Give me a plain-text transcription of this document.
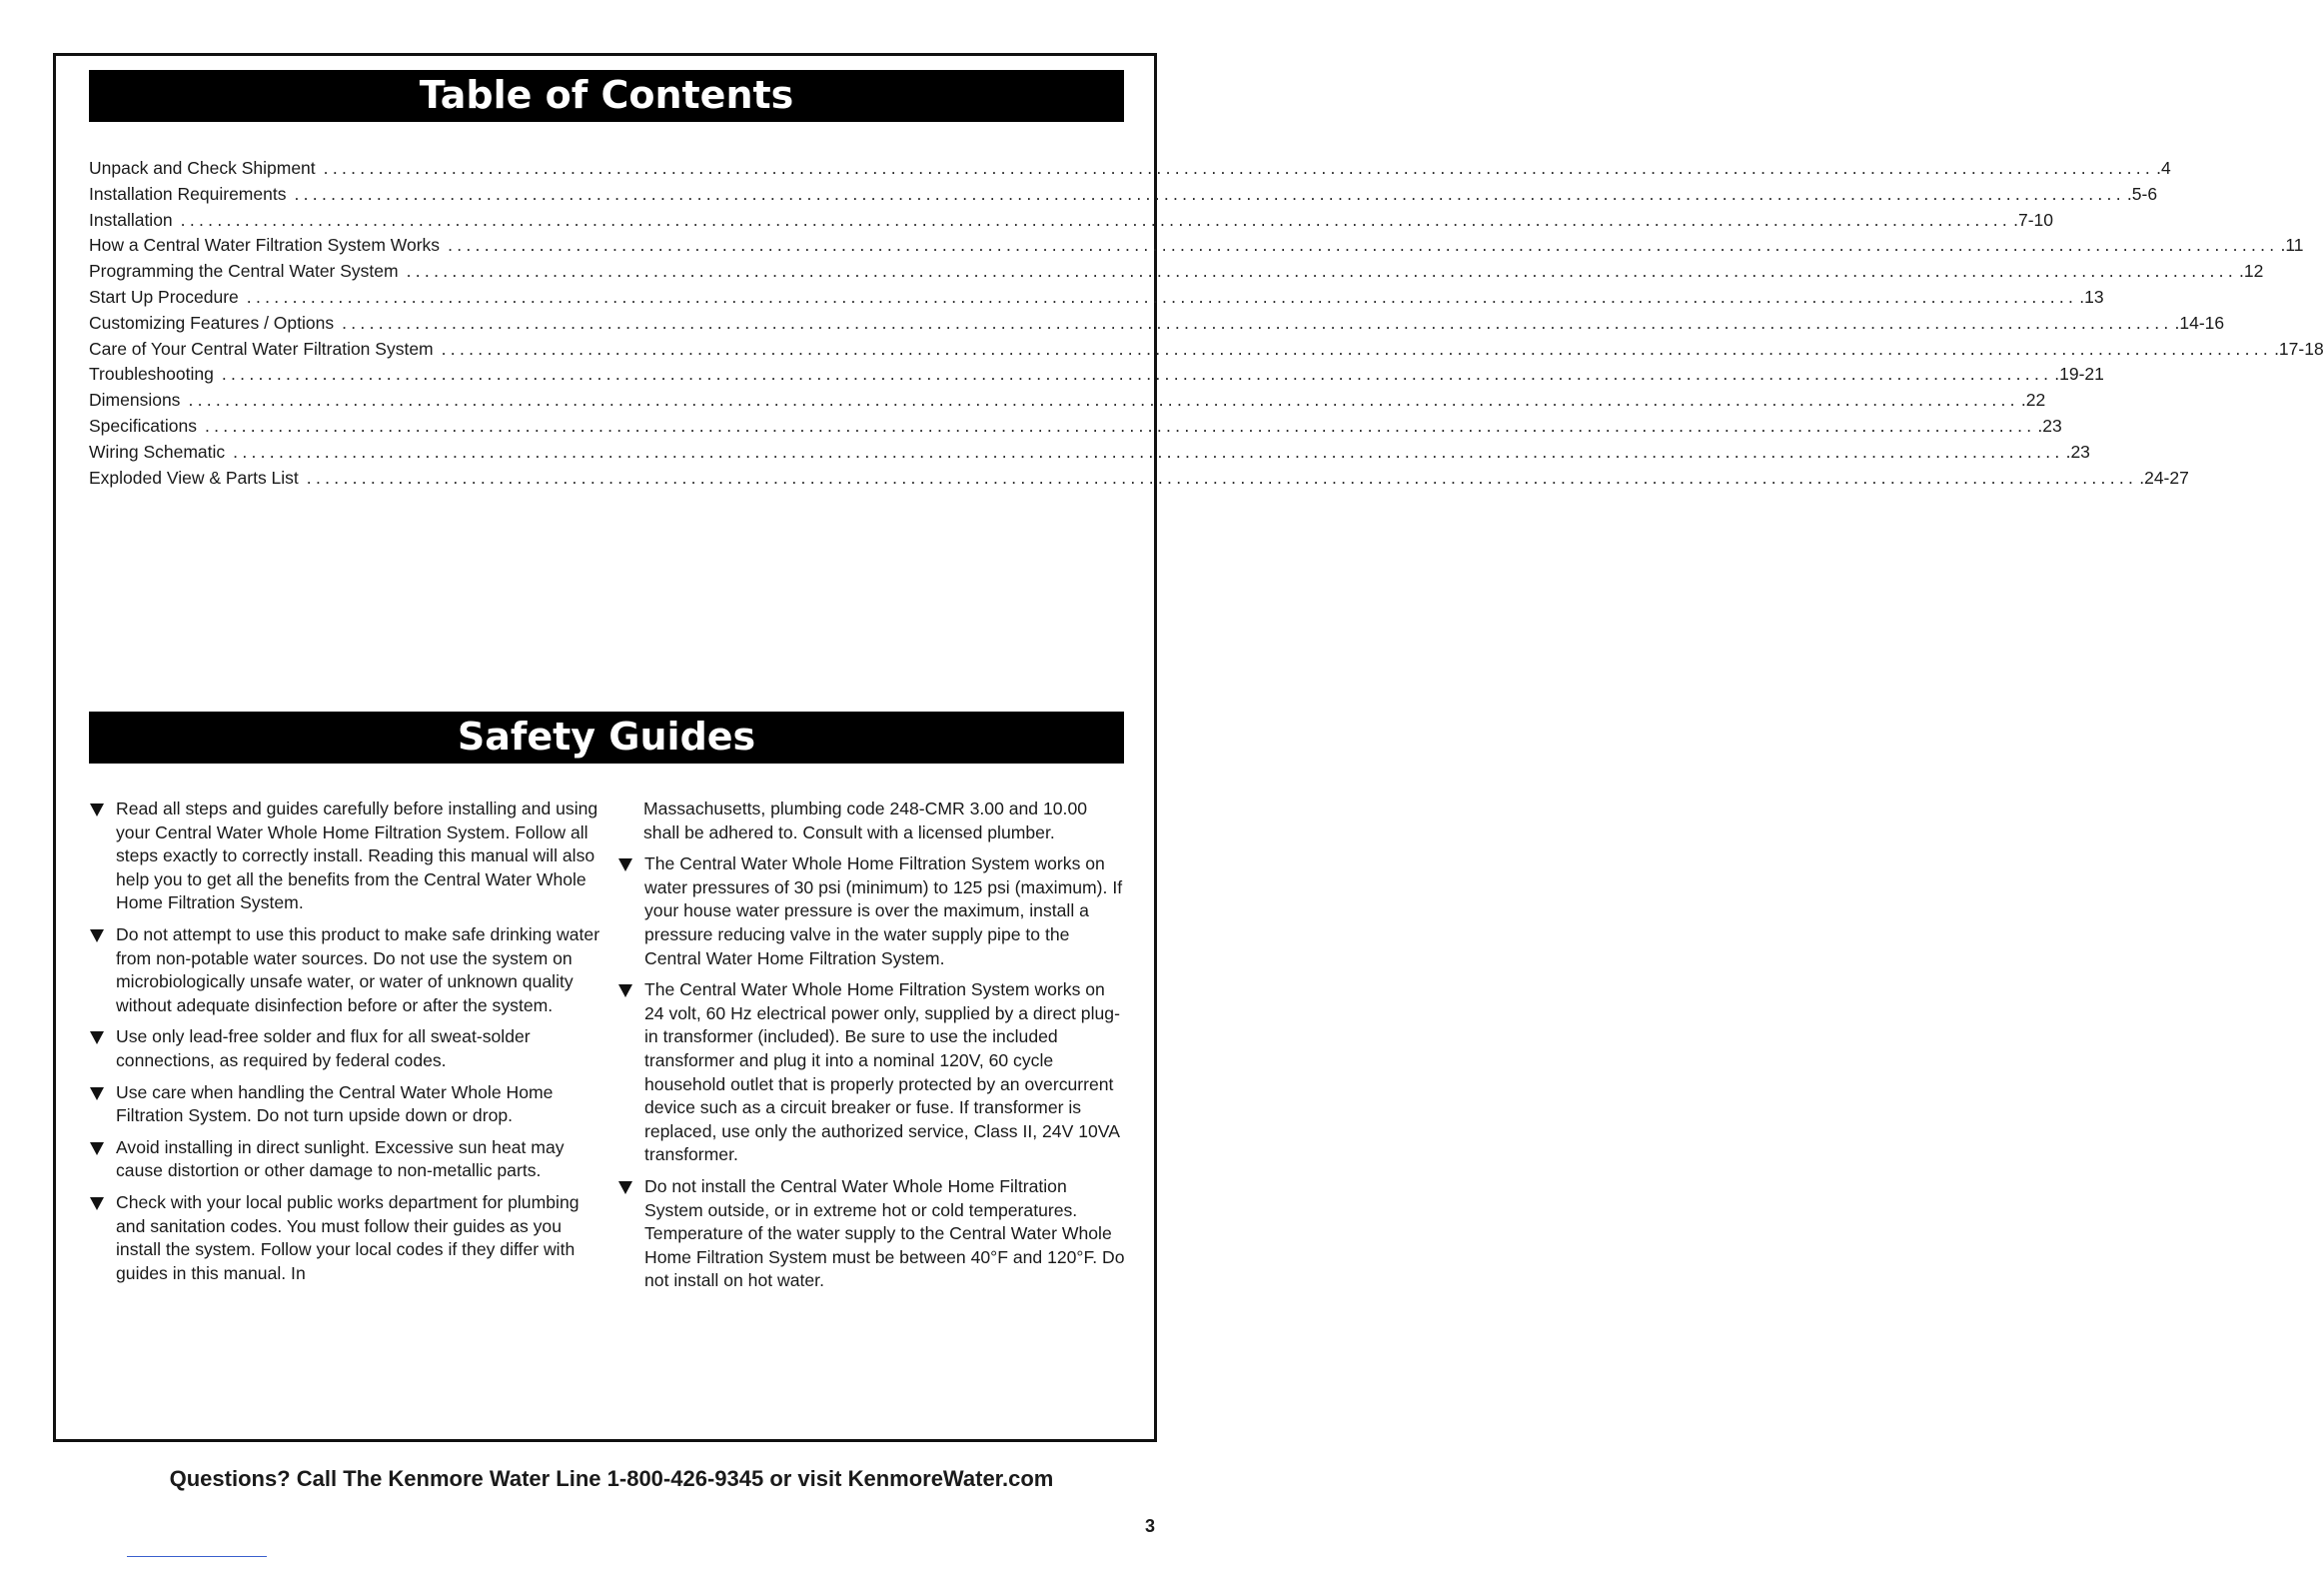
Table of Contents
Unpack and Check Shipment ........................................................................................................................................................................................................ .4
Installation Requirements ........................................................................................................................................................................................................ .5-6
Installation ........................................................................................................................................................................................................ .7-10
How a Central Water Filtration System Works ........................................................................................................................................................................................................ .11
Programming the Central Water System ........................................................................................................................................................................................................ .12
Start Up Procedure ........................................................................................................................................................................................................ .13
Customizing Features / Options ........................................................................................................................................................................................................ .14-16
Care of Your Central Water Filtration System ........................................................................................................................................................................................................ .17-18
Troubleshooting ........................................................................................................................................................................................................ .19-21
Dimensions ........................................................................................................................................................................................................ .22
Specifications ........................................................................................................................................................................................................ .23
Wiring Schematic ........................................................................................................................................................................................................ .23
Exploded View & Parts List ........................................................................................................................................................................................................ .24-27
Safety Guides
Read all steps and guides carefully before installing and using your Central Water Whole Home Filtration System. Follow all steps exactly to correctly install. Reading this manual will also help you to get all the benefits from the Central Water Whole Home Filtration System.
Do not attempt to use this product to make safe drinking water from non-potable water sources. Do not use the system on microbiologically unsafe water, or water of unknown quality without adequate disinfection before or after the system.
Use only lead-free solder and flux for all sweat-solder connections, as required by federal codes.
Use care when handling the Central Water Whole Home Filtration System. Do not turn upside down or drop.
Avoid installing in direct sunlight. Excessive sun heat may cause distortion or other damage to non-metallic parts.
Check with your local public works department for plumbing and sanitation codes. You must follow their guides as you install the system. Follow your local codes if they differ with guides in this manual. In
Massachusetts, plumbing code 248-CMR 3.00 and 10.00 shall be adhered to. Consult with a licensed plumber.
The Central Water Whole Home Filtration System works on water pressures of 30 psi (minimum) to 125 psi (maximum). If your house water pressure is over the maximum, install a pressure reducing valve in the water supply pipe to the Central Water Home Filtration System.
The Central Water Whole Home Filtration System works on 24 volt, 60 Hz electrical power only, supplied by a direct plug-in transformer (included). Be sure to use the included transformer and plug it into a nominal 120V, 60 cycle household outlet that is properly protected by an overcurrent device such as a circuit breaker or fuse. If transformer is replaced, use only the authorized service, Class II, 24V 10VA transformer.
Do not install the Central Water Whole Home Filtration System outside, or in extreme hot or cold temperatures. Temperature of the water supply to the Central Water Whole Home Filtration System must be between 40°F and 120°F. Do not install on hot water.
Questions? Call The Kenmore Water Line 1-800-426-9345 or visit KenmoreWater.com
3
